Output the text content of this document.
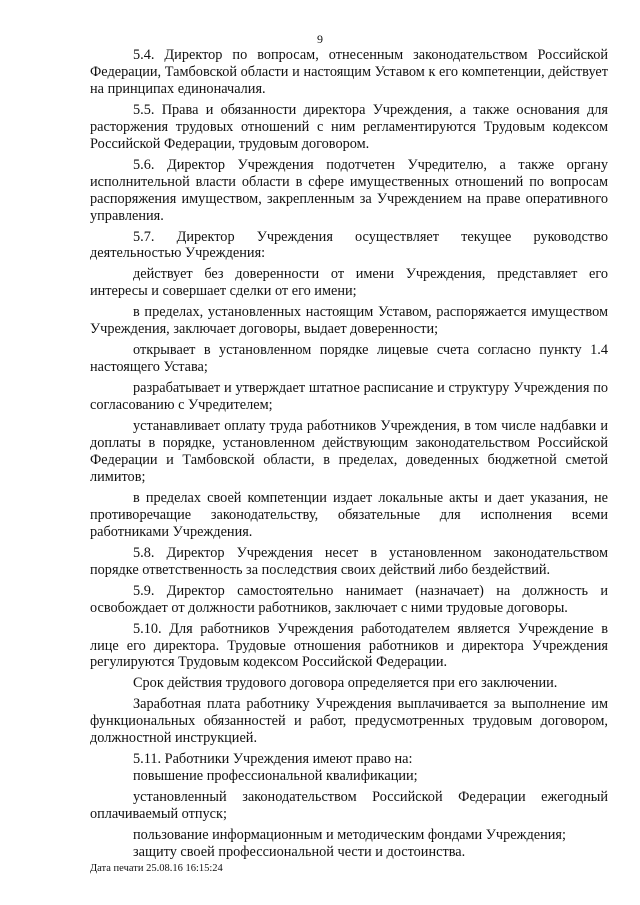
9

5.4. Директор по вопросам, отнесенным законодательством Российской Федерации, Тамбовской области и настоящим Уставом к его компетенции, действует на принципах единоначалия.

5.5. Права и обязанности директора Учреждения, а также основания для расторжения трудовых отношений с ним регламентируются Трудовым кодексом Российской Федерации, трудовым договором.

5.6. Директор Учреждения подотчетен Учредителю, а также органу исполнительной власти области в сфере имущественных отношений по вопросам распоряжения имуществом, закрепленным за Учреждением на праве оперативного управления.

5.7. Директор Учреждения осуществляет текущее руководство деятельностью Учреждения:

действует без доверенности от имени Учреждения, представляет его интересы и совершает сделки от его имени;

в пределах, установленных настоящим Уставом, распоряжается имуществом Учреждения, заключает договоры, выдает доверенности;

открывает в установленном порядке лицевые счета согласно пункту 1.4 настоящего Устава;

разрабатывает и утверждает штатное расписание и структуру Учреждения по согласованию с Учредителем;

устанавливает оплату труда работников Учреждения, в том числе надбавки и доплаты в порядке, установленном действующим законодательством Российской Федерации и Тамбовской области, в пределах, доведенных бюджетной сметой лимитов;

в пределах своей компетенции издает локальные акты и дает указания, не противоречащие законодательству, обязательные для исполнения всеми работниками Учреждения.

5.8. Директор Учреждения несет в установленном законодательством порядке ответственность за последствия своих действий либо бездействий.

5.9. Директор самостоятельно нанимает (назначает) на должность и освобождает от должности работников, заключает с ними трудовые договоры.

5.10. Для работников Учреждения работодателем является Учреждение в лице его директора. Трудовые отношения работников и директора Учреждения регулируются Трудовым кодексом Российской Федерации.

Срок действия трудового договора определяется при его заключении.

Заработная плата работнику Учреждения выплачивается за выполнение им функциональных обязанностей и работ, предусмотренных трудовым договором, должностной инструкцией.

5.11. Работники Учреждения имеют право на:

повышение профессиональной квалификации;

установленный законодательством Российской Федерации ежегодный оплачиваемый отпуск;

пользование информационным и методическим фондами Учреждения;

защиту своей профессиональной чести и достоинства.

Дата печати 25.08.16 16:15:24
